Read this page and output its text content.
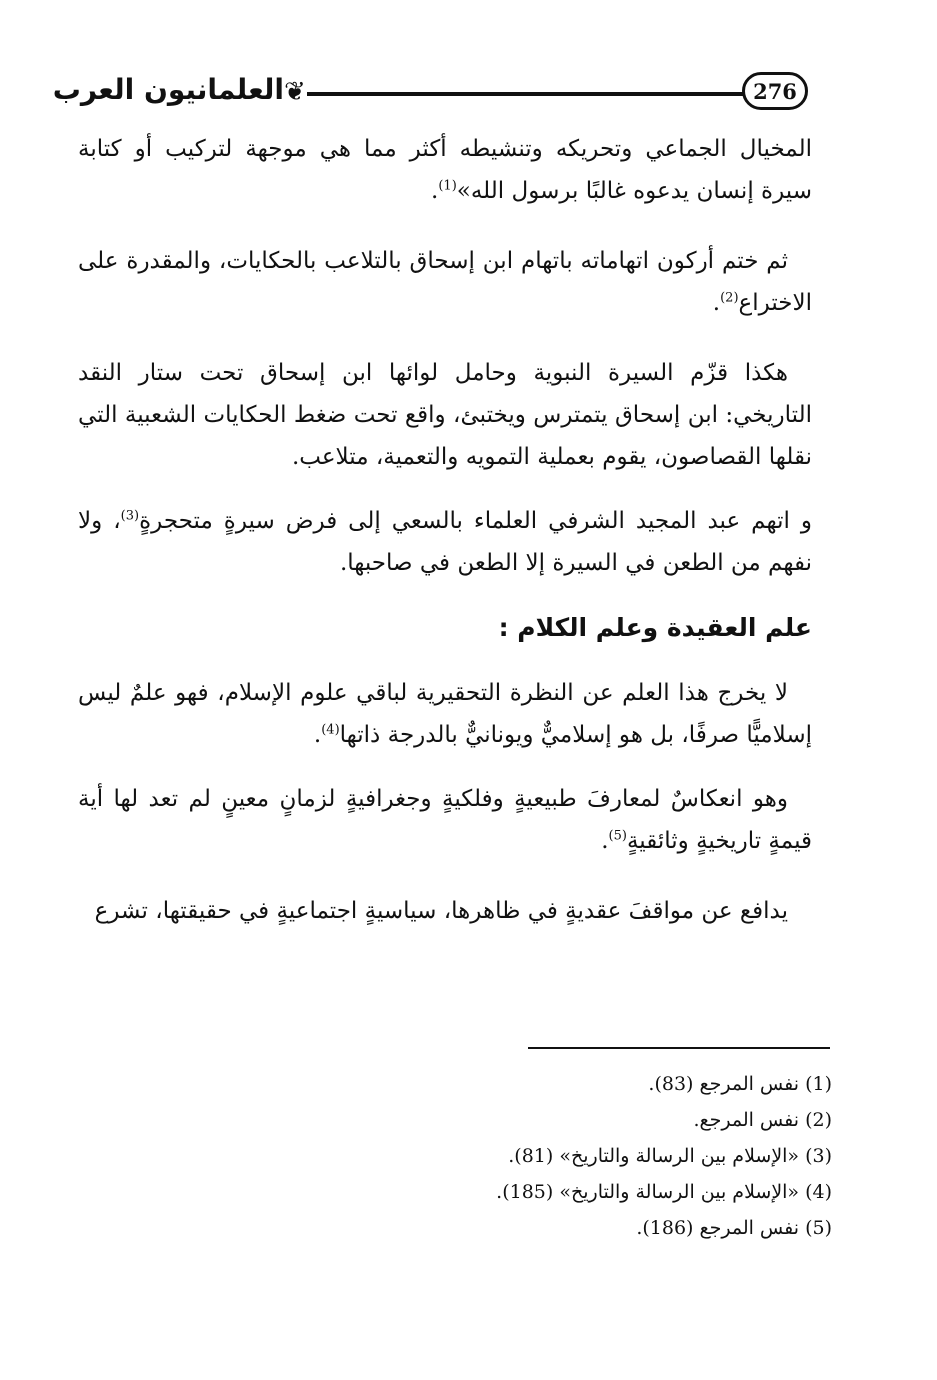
العلمانيون العرب ❦	276

المخيال الجماعي وتحريكه وتنشيطه أكثر مما هي موجهة لتركيب أو كتابة سيرة إنسان يدعوه غالبًا برسول الله»$^{(1)}$.

ثم ختم أركون اتهاماته باتهام ابن إسحاق بالتلاعب بالحكايات، والمقدرة على الاختراع$^{(2)}$.

هكذا قزّم السيرة النبوية وحامل لوائها ابن إسحاق تحت ستار النقد التاريخي: ابن إسحاق يتمترس ويختبئ، واقع تحت ضغط الحكايات الشعبية التي نقلها القصاصون، يقوم بعملية التمويه والتعمية، متلاعب.

و اتهم عبد المجيد الشرفي العلماء بالسعي إلى فرض سيرةٍ متحجرةٍ$^{(3)}$، ولا نفهم من الطعن في السيرة إلا الطعن في صاحبها.

علم العقيدة وعلم الكلام :

لا يخرج هذا العلم عن النظرة التحقيرية لباقي علوم الإسلام، فهو علمٌ ليس إسلاميًّا صرفًا، بل هو إسلاميٌّ ويونانيٌّ بالدرجة ذاتها$^{(4)}$.

وهو انعكاسٌ لمعارفَ طبيعيةٍ وفلكيةٍ وجغرافيةٍ لزمانٍ معينٍ لم تعد لها أية قيمةٍ تاريخيةٍ وثائقيةٍ$^{(5)}$.

يدافع عن مواقفَ عقديةٍ في ظاهرها، سياسيةٍ اجتماعيةٍ في حقيقتها، تشرع

(1)نفس المرجع (83).
(2)نفس المرجع.
(3)«الإسلام بين الرسالة والتاريخ» (81).
(4)«الإسلام بين الرسالة والتاريخ» (185).
(5)نفس المرجع (186).
